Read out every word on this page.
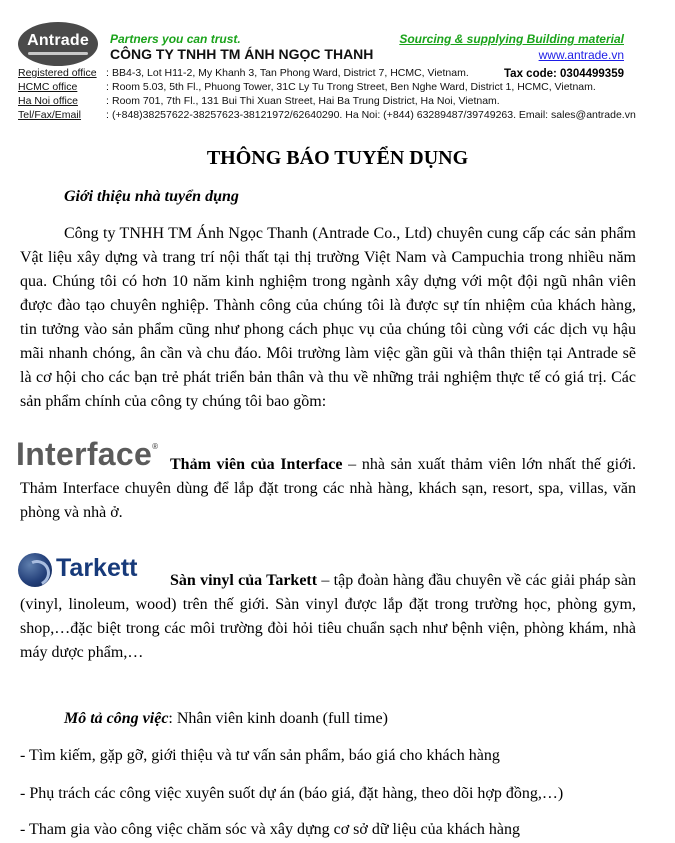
Antrade	Partners you can trust.
CÔNG TY TNHH TM ÁNH NGỌC THANH
Sourcing & supplying Building material
www.antrade.vn
Registered office : BB4-3, Lot H11-2, My Khanh 3, Tan Phong Ward, District 7, HCMC, Vietnam.	Tax code: 0304499359
HCMC office	: Room 5.03, 5th Fl., Phuong Tower, 31C Ly Tu Trong Street, Ben Nghe Ward, District 1, HCMC, Vietnam.
Ha Noi office	: Room 701, 7th Fl., 131 Bui Thi Xuan Street, Hai Ba Trung District, Ha Noi, Vietnam.
Tel/Fax/Email : (+848)38257622-38257623-38121972/62640290. Ha Noi: (+844) 63289487/39749263. Email: sales@antrade.vn
THÔNG BÁO TUYỂN DỤNG
Giới thiệu nhà tuyển dụng

Công ty TNHH TM Ánh Ngọc Thanh (Antrade Co., Ltd) chuyên cung cấp các sản phẩm Vật liệu xây dựng và trang trí nội thất tại thị trường Việt Nam và Campuchia trong nhiều năm qua. Chúng tôi có hơn 10 năm kinh nghiệm trong ngành xây dựng với một đội ngũ nhân viên được đào tạo chuyên nghiệp. Thành công của chúng tôi là được sự tín nhiệm của khách hàng, tin tưởng vào sản phẩm cũng như phong cách phục vụ của chúng tôi cùng với các dịch vụ hậu mãi nhanh chóng, ân cần và chu đáo. Môi trường làm việc gần gũi và thân thiện tại Antrade sẽ là cơ hội cho các bạn trẻ phát triển bản thân và thu về những trải nghiệm thực tế có giá trị. Các sản phẩm chính của công ty chúng tôi bao gồm:

Interface®

Thảm viên của Interface – nhà sản xuất thảm viên lớn nhất thế giới. Thảm Interface chuyên dùng để lắp đặt trong các nhà hàng, khách sạn, resort, spa, villas, văn phòng và nhà ở.

Tarkett	Sàn vinyl của Tarkett – tập đoàn hàng đầu chuyên về các giải pháp sàn (vinyl, linoleum, wood) trên thế giới. Sàn vinyl được lắp đặt trong trường học, phòng gym, shop,…đặc biệt trong các môi trường đòi hỏi tiêu chuẩn sạch như bệnh viện, phòng khám, nhà máy dược phẩm,…

Mô tả công việc: Nhân viên kinh doanh (full time)
- Tìm kiếm, gặp gỡ, giới thiệu và tư vấn sản phẩm, báo giá cho khách hàng
- Phụ trách các công việc xuyên suốt dự án (báo giá, đặt hàng, theo dõi hợp đồng,…)
- Tham gia vào công việc chăm sóc và xây dựng cơ sở dữ liệu của khách hàng
